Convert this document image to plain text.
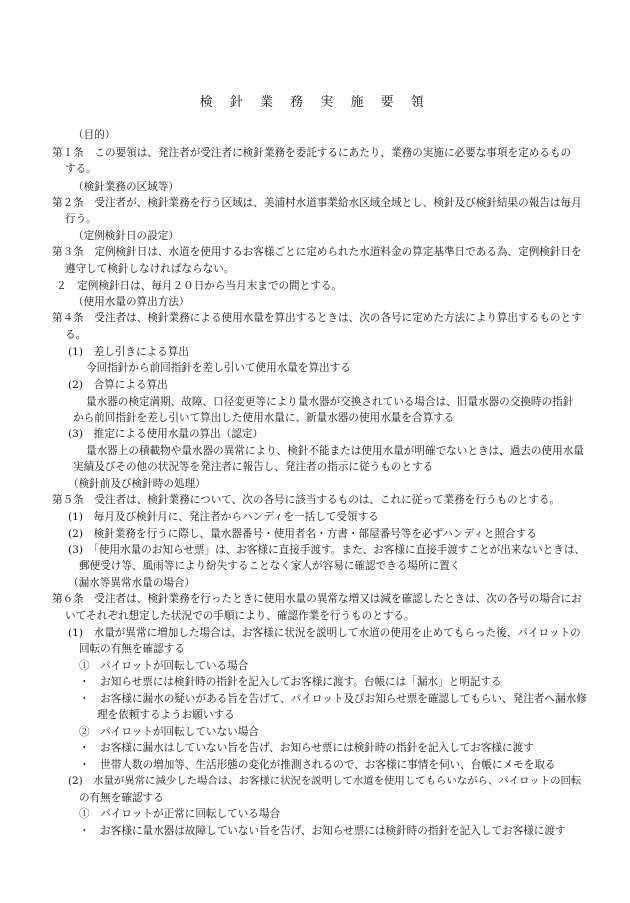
検 針 業 務 実 施 要 領
（目的）
第１条　この要領は、発注者が受注者に検針業務を委託するにあたり、業務の実施に必要な事項を定めるもの
する。
（検針業務の区域等）
第２条　受注者が、検針業務を行う区域は、美浦村水道事業給水区域全域とし、検針及び検針結果の報告は毎月
行う。
（定例検針日の設定）
第３条　定例検針日は、水道を使用するお客様ごとに定められた水道料金の算定基準日である為、定例検針日を
遵守して検針しなければならない。
２　定例検針日は、毎月２０日から当月末までの間とする。
（使用水量の算出方法）
第４条　受注者は、検針業務による使用水量を算出するときは、次の各号に定めた方法により算出するものとす
る。
(1)　差し引きによる算出
今回指針から前回指針を差し引いて使用水量を算出する
(2)　合算による算出
量水器の検定満期、故障、口径変更等により量水器が交換されている場合は、旧量水器の交換時の指針
から前回指針を差し引いて算出した使用水量に、新量水器の使用水量を合算する
(3)　推定による使用水量の算出（認定）
量水器上の積載物や量水器の異常により、検針不能または使用水量が明確でないときは、過去の使用水量
実績及びその他の状況等を発注者に報告し、発注者の指示に従うものとする
（検針前及び検針時の処理）
第５条　受注者は、検針業務について、次の各号に該当するものは、これに従って業務を行うものとする。
(1)　毎月及び検針月に、発注者からハンディを一括して受領する
(2)　検針業務を行うに際し、量水器番号・使用者名・方書・部屋番号等を必ずハンディと照合する
(3)　「使用水量のお知らせ票」は、お客様に直接手渡す。また、お客様に直接手渡すことが出来ないときは、
郵便受け等、風雨等により紛失することなく家人が容易に確認できる場所に置く
（漏水等異常水量の場合）
第６条　受注者は、検針業務を行ったときに使用水量の異常な増又は減を確認したときは、次の各号の場合にお
いてそれぞれ想定した状況での手順により、確認作業を行うものとする。
(1)　水量が異常に増加した場合は、お客様に状況を説明して水道の使用を止めてもらった後、パイロットの
回転の有無を確認する
①　パイロットが回転している場合
・　お知らせ票には検針時の指針を記入してお客様に渡す。台帳には「漏水」と明記する
・　お客様に漏水の疑いがある旨を告げて、パイロット及びお知らせ票を確認してもらい、発注者へ漏水修
理を依頼するようお願いする
②　パイロットが回転していない場合
・　お客様に漏水はしていない旨を告げ、お知らせ票には検針時の指針を記入してお客様に渡す
・　世帯人数の増加等、生活形態の変化が推測されるので、お客様に事情を伺い、台帳にメモを取る
(2)　水量が異常に減少した場合は、お客様に状況を説明して水道を使用してもらいながら、パイロットの回転
の有無を確認する
①　パイロットが正常に回転している場合
・　お客様に量水器は故障していない旨を告げ、お知らせ票には検針時の指針を記入してお客様に渡す
